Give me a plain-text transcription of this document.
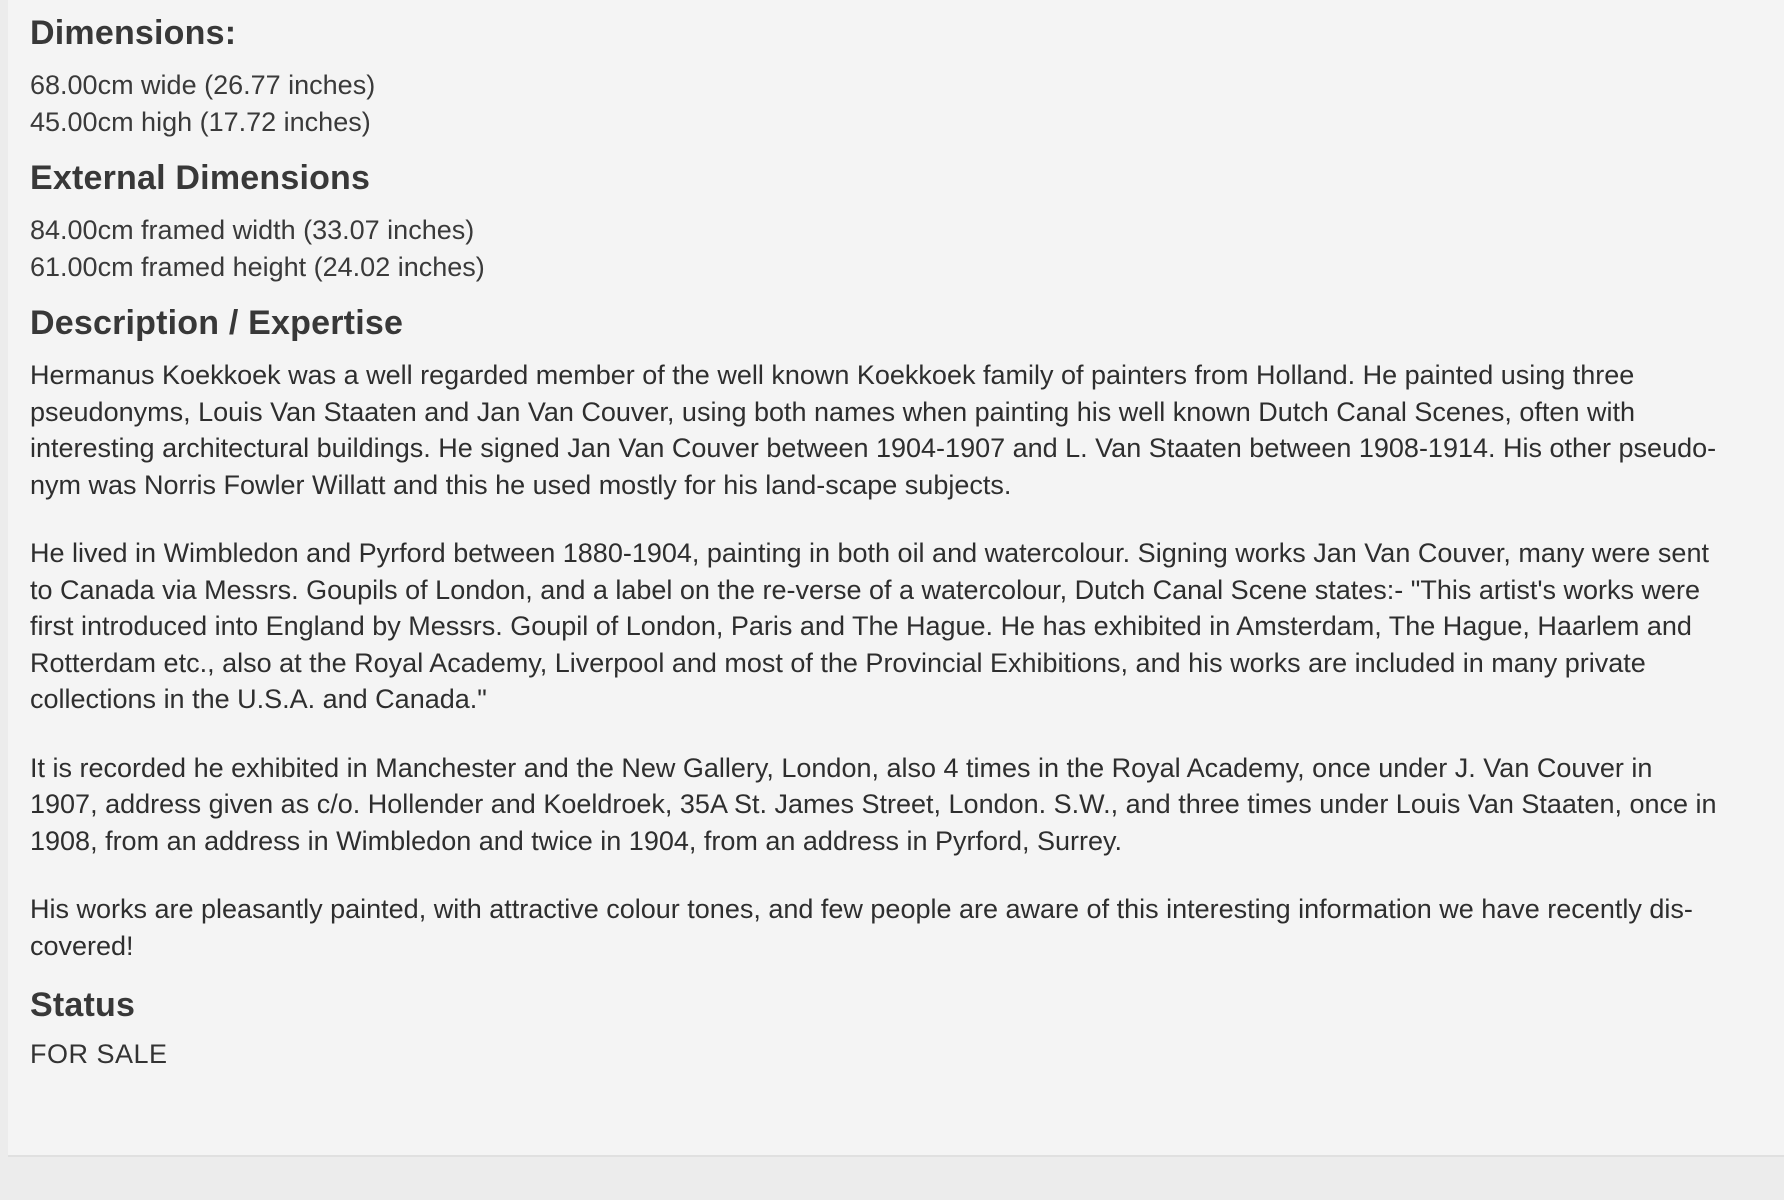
Dimensions:

68.00cm wide (26.77 inches)

45.00cm high (17.72 inches)

External Dimensions

84.00cm framed width (33.07 inches)

61.00cm framed height (24.02 inches)

Description / Expertise

Hermanus Koekkoek was a well regarded member of the well known Koekkoek family of painters from Holland. He painted using three pseudonyms, Louis Van Staaten and Jan Van Couver, using both names when painting his well known Dutch Canal Scenes, often with interesting architectural buildings. He signed Jan Van Couver between 1904-1907 and L. Van Staaten between 1908-1914. His other pseudo-nym was Norris Fowler Willatt and this he used mostly for his land-scape subjects.

He lived in Wimbledon and Pyrford between 1880-1904, painting in both oil and watercolour. Signing works Jan Van Couver, many were sent to Canada via Messrs. Goupils of London, and a label on the re-verse of a watercolour, Dutch Canal Scene states:- "This artist's works were first introduced into England by Messrs. Goupil of London, Paris and The Hague. He has exhibited in Amsterdam, The Hague, Haarlem and Rotterdam etc., also at the Royal Academy, Liverpool and most of the Provincial Exhibitions, and his works are included in many private collections in the U.S.A. and Canada."

It is recorded he exhibited in Manchester and the New Gallery, London, also 4 times in the Royal Academy, once under J. Van Couver in 1907, address given as c/o. Hollender and Koeldroek, 35A St. James Street, London. S.W., and three times under Louis Van Staaten, once in 1908, from an address in Wimbledon and twice in 1904, from an address in Pyrford, Surrey.

His works are pleasantly painted, with attractive colour tones, and few people are aware of this interesting information we have recently dis-covered!

Status

FOR SALE
